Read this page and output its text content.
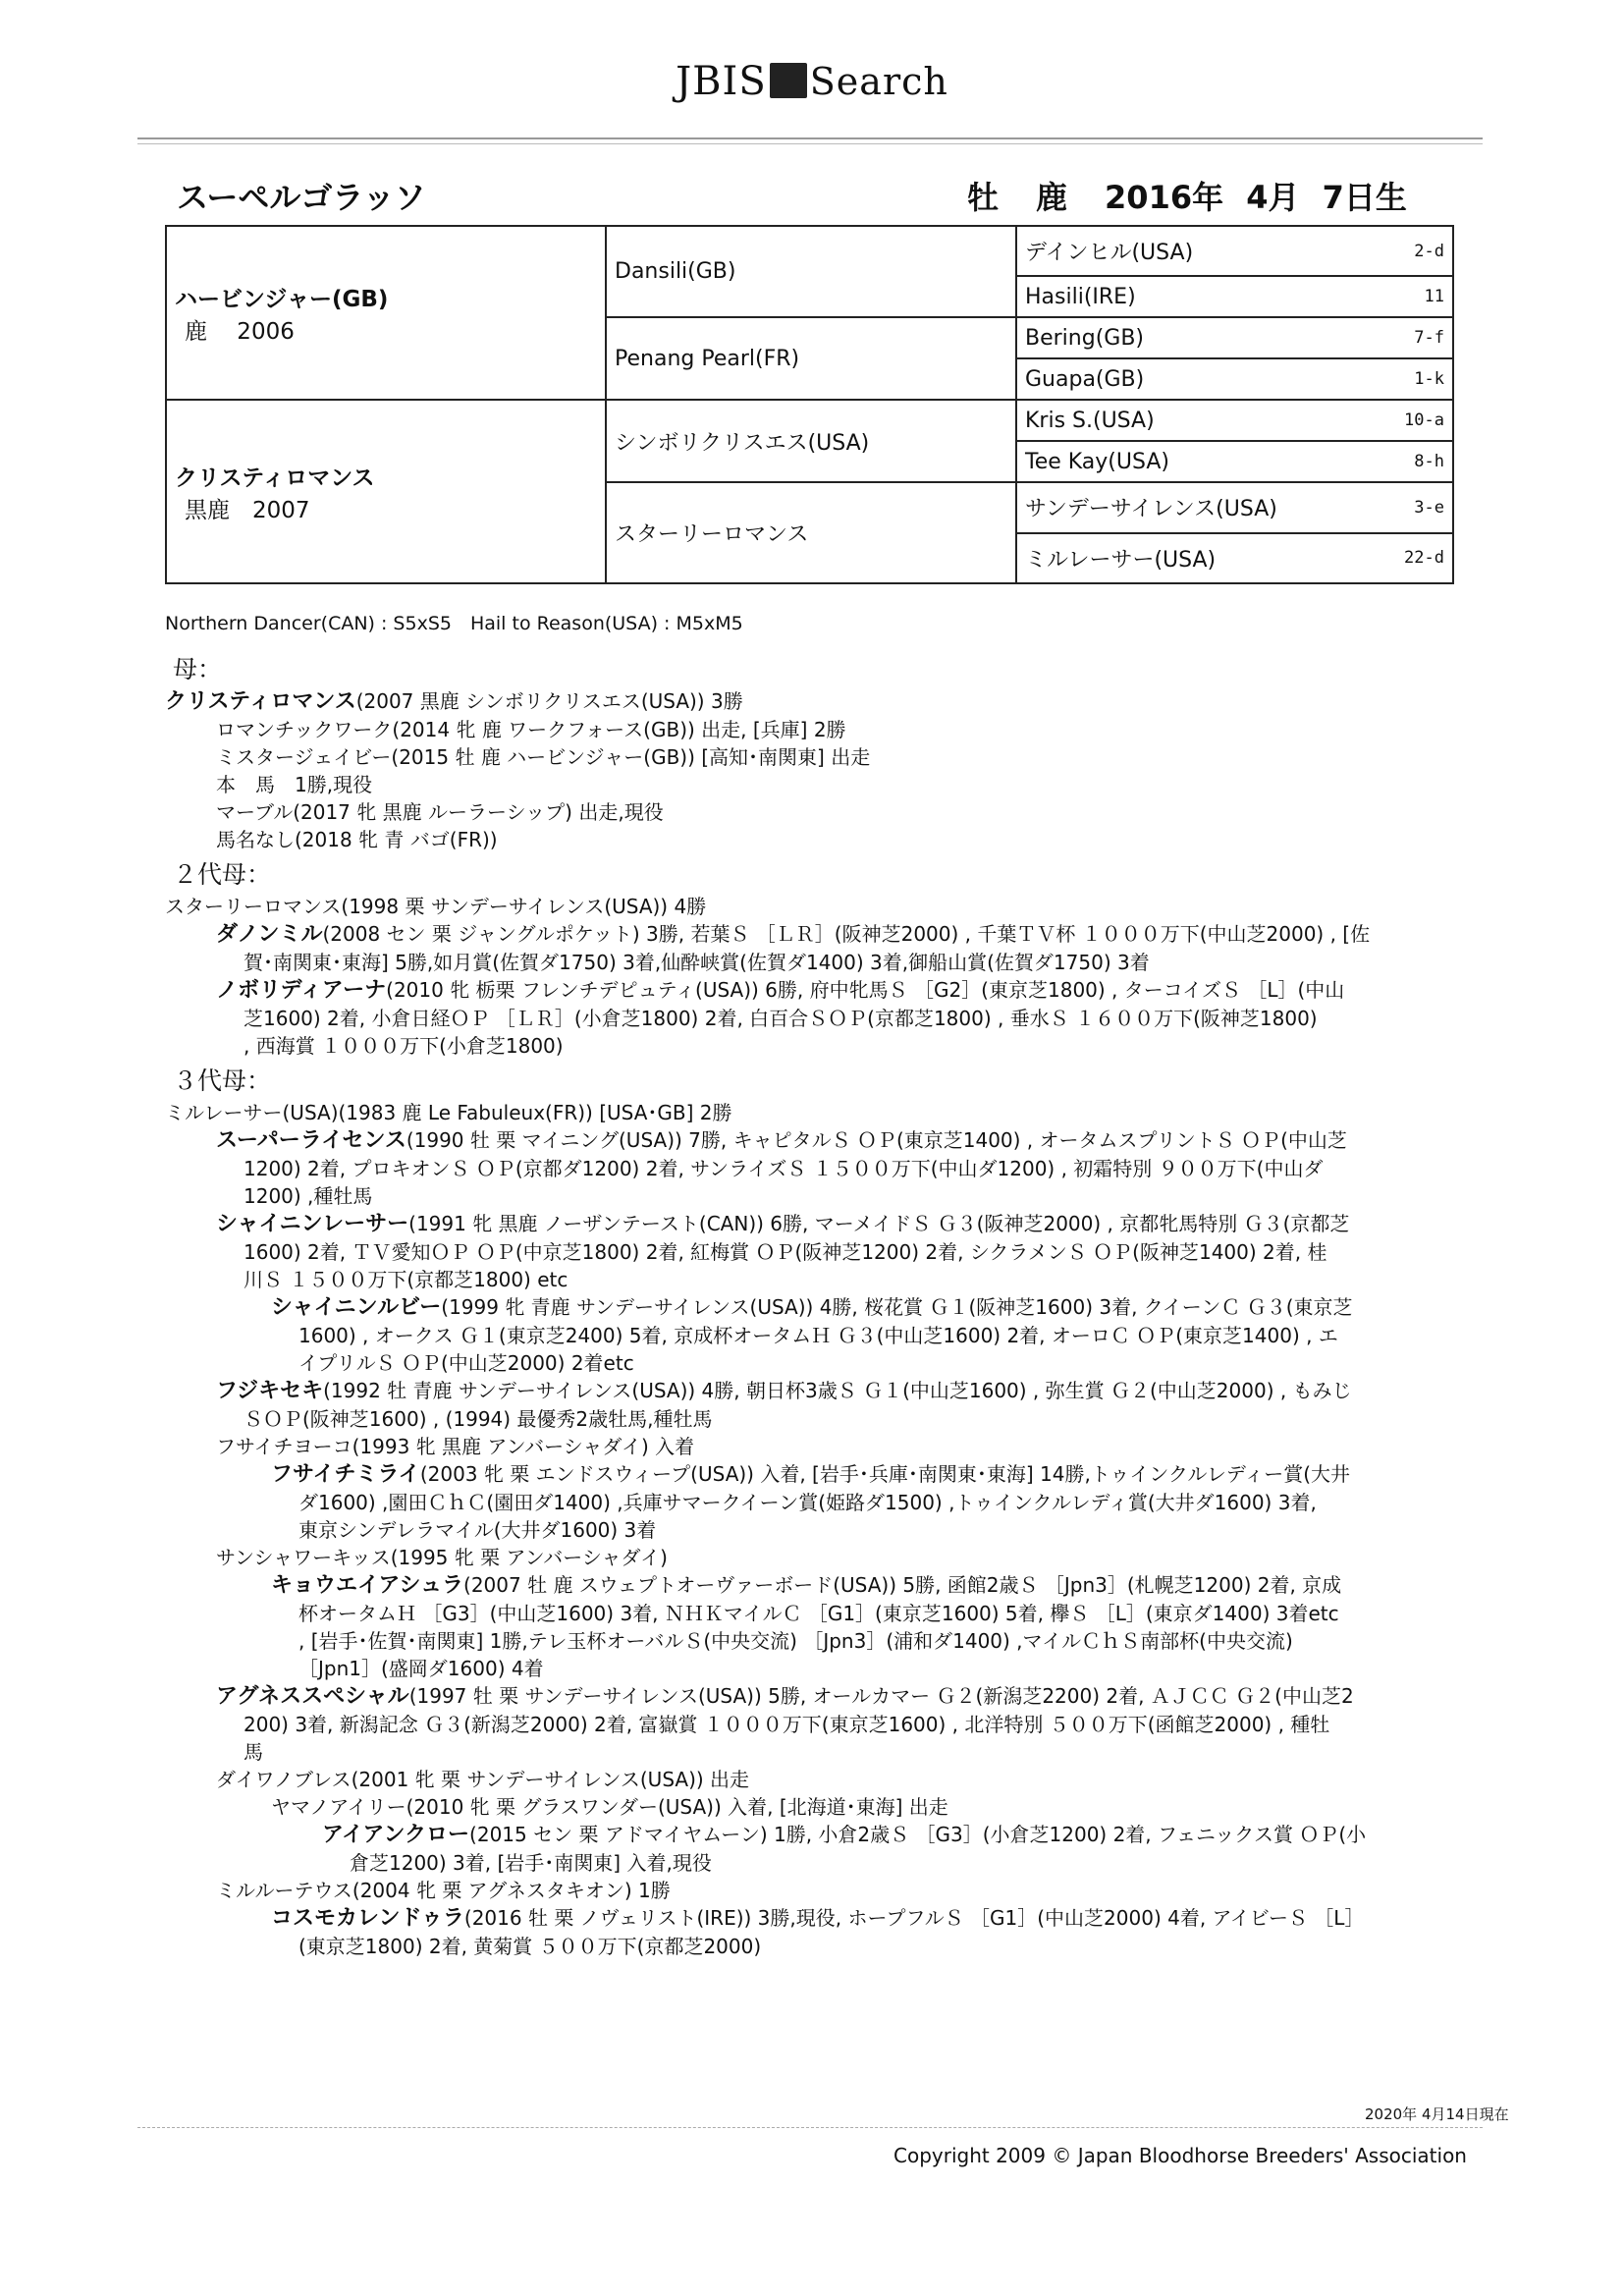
JBIS Search
スーペルゴラッソ	牡 鹿 2016年 4月 7日生
ハービンジャー(GB)
鹿　 2006	Dansili(GB)	デインヒル(USA)	2-d
		Hasili(IRE)	11
	Penang Pearl(FR)	Bering(GB)	7-f
		Guapa(GB)	1-k
クリスティロマンス
黒鹿　2007	シンボリクリスエス(USA)	Kris S.(USA)	10-a
		Tee Kay(USA)	8-h
	スターリーロマンス	サンデーサイレンス(USA)	3-e
		ミルレーサー(USA)	22-d
Northern Dancer(CAN) : S5xS5　Hail to Reason(USA) : M5xM5
母：
クリスティロマンス(2007 黒鹿 シンボリクリスエス(USA)) 3勝
ロマンチックワーク(2014 牝 鹿 ワークフォース(GB)) 出走, [兵庫] 2勝
ミスタージェイビー(2015 牡 鹿 ハービンジャー(GB)) [高知･南関東] 出走
本　馬　1勝,現役
マーブル(2017 牝 黒鹿 ルーラーシップ) 出走,現役
馬名なし(2018 牝 青 バゴ(FR))
２代母：
スターリーロマンス(1998 栗 サンデーサイレンス(USA)) 4勝
ダノンミル(2008 セン 栗 ジャングルポケット) 3勝, 若葉Ｓ ［ＬＲ］(阪神芝2000) , 千葉ＴＶ杯 １０００万下(中山芝2000) , [佐
賀･南関東･東海] 5勝,如月賞(佐賀ダ1750) 3着,仙酔峡賞(佐賀ダ1400) 3着,御船山賞(佐賀ダ1750) 3着
ノボリディアーナ(2010 牝 栃栗 フレンチデピュティ(USA)) 6勝, 府中牝馬Ｓ ［G2］(東京芝1800) , ターコイズＳ ［L］(中山
芝1600) 2着, 小倉日経ＯＰ ［ＬＲ］(小倉芝1800) 2着, 白百合ＳＯＰ(京都芝1800) , 垂水Ｓ １６００万下(阪神芝1800)
, 西海賞 １０００万下(小倉芝1800)
３代母：
ミルレーサー(USA)(1983 鹿 Le Fabuleux(FR)) [USA･GB] 2勝
スーパーライセンス(1990 牡 栗 マイニング(USA)) 7勝, キャピタルＳ ＯＰ(東京芝1400) , オータムスプリントＳ ＯＰ(中山芝
1200) 2着, プロキオンＳ ＯＰ(京都ダ1200) 2着, サンライズＳ １５００万下(中山ダ1200) , 初霜特別 ９００万下(中山ダ
1200) ,種牡馬
シャイニンレーサー(1991 牝 黒鹿 ノーザンテースト(CAN)) 6勝, マーメイドＳ Ｇ３(阪神芝2000) , 京都牝馬特別 Ｇ３(京都芝
1600) 2着, ＴＶ愛知ＯＰ ＯＰ(中京芝1800) 2着, 紅梅賞 ＯＰ(阪神芝1200) 2着, シクラメンＳ ＯＰ(阪神芝1400) 2着, 桂
川Ｓ １５００万下(京都芝1800) etc
シャイニンルビー(1999 牝 青鹿 サンデーサイレンス(USA)) 4勝, 桜花賞 Ｇ１(阪神芝1600) 3着, クイーンＣ Ｇ３(東京芝
1600) , オークス Ｇ１(東京芝2400) 5着, 京成杯オータムＨ Ｇ３(中山芝1600) 2着, オーロＣ ＯＰ(東京芝1400) , エ
イプリルＳ ＯＰ(中山芝2000) 2着etc
フジキセキ(1992 牡 青鹿 サンデーサイレンス(USA)) 4勝, 朝日杯3歳Ｓ Ｇ１(中山芝1600) , 弥生賞 Ｇ２(中山芝2000) , もみじ
ＳＯＰ(阪神芝1600) , (1994) 最優秀2歳牡馬,種牡馬
フサイチヨーコ(1993 牝 黒鹿 アンバーシャダイ) 入着
フサイチミライ(2003 牝 栗 エンドスウィープ(USA)) 入着, [岩手･兵庫･南関東･東海] 14勝,トゥインクルレディー賞(大井
ダ1600) ,園田ＣｈＣ(園田ダ1400) ,兵庫サマークイーン賞(姫路ダ1500) ,トゥインクルレディ賞(大井ダ1600) 3着,
東京シンデレラマイル(大井ダ1600) 3着
サンシャワーキッス(1995 牝 栗 アンバーシャダイ)
キョウエイアシュラ(2007 牡 鹿 スウェプトオーヴァーボード(USA)) 5勝, 函館2歳Ｓ ［Jpn3］(札幌芝1200) 2着, 京成
杯オータムＨ ［G3］(中山芝1600) 3着, ＮＨＫマイルＣ ［G1］(東京芝1600) 5着, 欅Ｓ ［L］(東京ダ1400) 3着etc
, [岩手･佐賀･南関東] 1勝,テレ玉杯オーバルＳ(中央交流) ［Jpn3］(浦和ダ1400) ,マイルＣｈＳ南部杯(中央交流)
［Jpn1］(盛岡ダ1600) 4着
アグネススペシャル(1997 牡 栗 サンデーサイレンス(USA)) 5勝, オールカマー Ｇ２(新潟芝2200) 2着, ＡＪＣＣ Ｇ２(中山芝2
200) 3着, 新潟記念 Ｇ３(新潟芝2000) 2着, 富嶽賞 １０００万下(東京芝1600) , 北洋特別 ５００万下(函館芝2000) , 種牡
馬
ダイワノブレス(2001 牝 栗 サンデーサイレンス(USA)) 出走
ヤマノアイリー(2010 牝 栗 グラスワンダー(USA)) 入着, [北海道･東海] 出走
アイアンクロー(2015 セン 栗 アドマイヤムーン) 1勝, 小倉2歳Ｓ ［G3］(小倉芝1200) 2着, フェニックス賞 ＯＰ(小
倉芝1200) 3着, [岩手･南関東] 入着,現役
ミルルーテウス(2004 牝 栗 アグネスタキオン) 1勝
コスモカレンドゥラ(2016 牡 栗 ノヴェリスト(IRE)) 3勝,現役, ホープフルＳ ［G1］(中山芝2000) 4着, アイビーＳ ［L］
(東京芝1800) 2着, 黄菊賞 ５００万下(京都芝2000)
2020年 4月14日現在
Copyright 2009 © Japan Bloodhorse Breeders' Association
